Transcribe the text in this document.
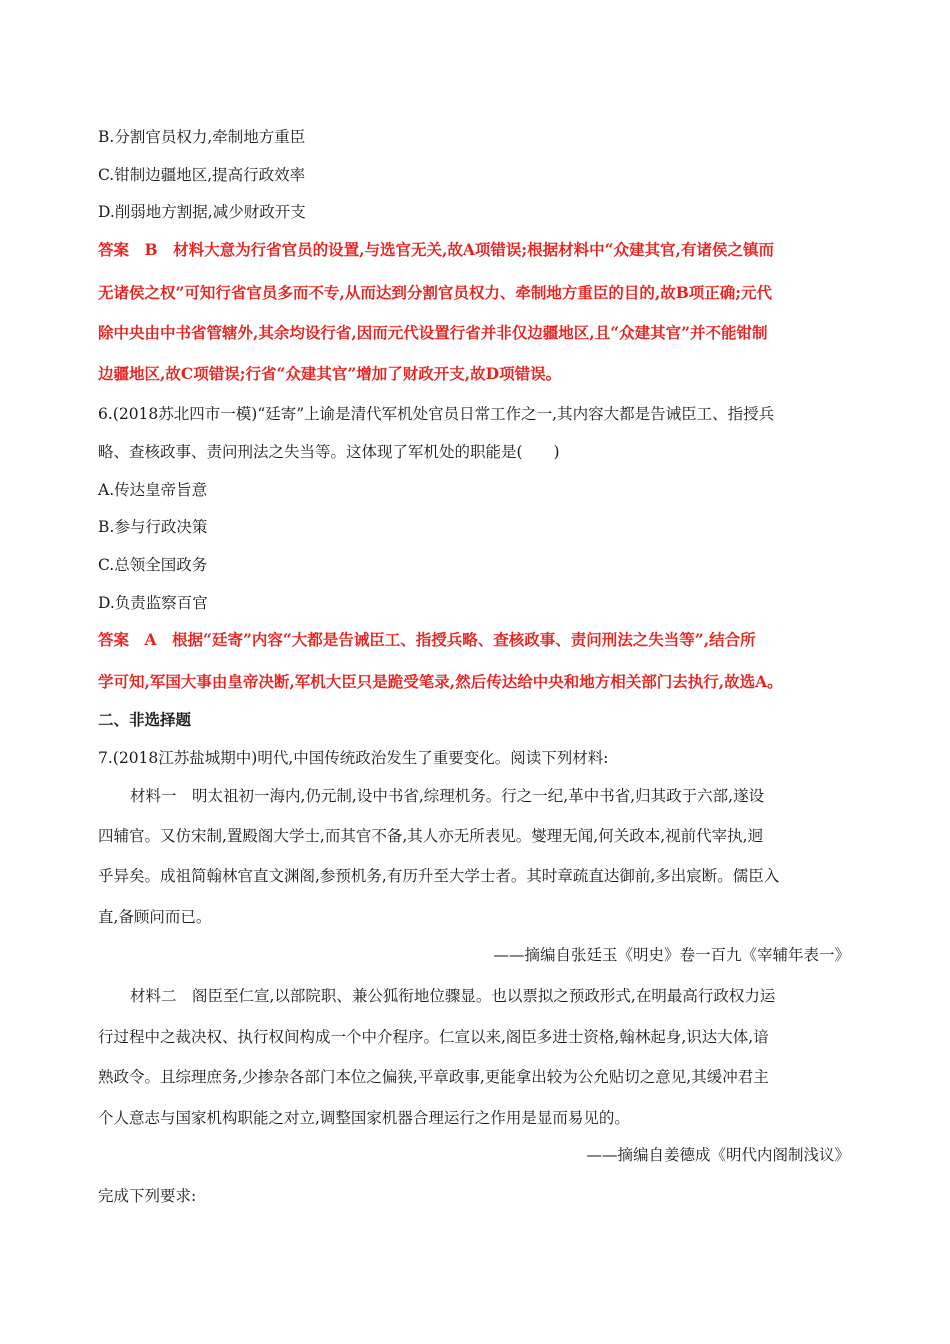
B.分割官员权力,牵制地方重臣
C.钳制边疆地区,提高行政效率
D.削弱地方割据,减少财政开支
答案　B　材料大意为行省官员的设置,与选官无关,故A项错误;根据材料中“众建其官,有诸侯之镇而
无诸侯之权”可知行省官员多而不专,从而达到分割官员权力、牵制地方重臣的目的,故B项正确;元代
除中央由中书省管辖外,其余均设行省,因而元代设置行省并非仅边疆地区,且“众建其官”并不能钳制
边疆地区,故C项错误;行省“众建其官”增加了财政开支,故D项错误。
6.(2018苏北四市一模)“廷寄”上谕是清代军机处官员日常工作之一,其内容大都是告诫臣工、指授兵
略、查核政事、责问刑法之失当等。这体现了军机处的职能是(　　)
A.传达皇帝旨意
B.参与行政决策
C.总领全国政务
D.负责监察百官
答案　A　根据“廷寄”内容“大都是告诫臣工、指授兵略、查核政事、责问刑法之失当等”,结合所
学可知,军国大事由皇帝决断,军机大臣只是跪受笔录,然后传达给中央和地方相关部门去执行,故选A。
二、非选择题
7.(2018江苏盐城期中)明代,中国传统政治发生了重要变化。阅读下列材料:
材料一　明太祖初一海内,仍元制,设中书省,综理机务。行之一纪,革中书省,归其政于六部,遂设
四辅官。又仿宋制,置殿阁大学士,而其官不备,其人亦无所表见。燮理无闻,何关政本,视前代宰执,迥
乎异矣。成祖简翰林官直文渊阁,参预机务,有历升至大学士者。其时章疏直达御前,多出宸断。儒臣入
直,备顾问而已。
——摘编自张廷玉《明史》卷一百九《宰辅年表一》
材料二　阁臣至仁宣,以部院职、兼公狐衔地位骤显。也以票拟之预政形式,在明最高行政权力运
行过程中之裁决权、执行权间构成一个中介程序。仁宣以来,阁臣多进士资格,翰林起身,识达大体,谙
熟政令。且综理庶务,少掺杂各部门本位之偏狭,平章政事,更能拿出较为公允贴切之意见,其缓冲君主
个人意志与国家机构职能之对立,调整国家机器合理运行之作用是显而易见的。
——摘编自姜德成《明代内阁制浅议》
完成下列要求:
